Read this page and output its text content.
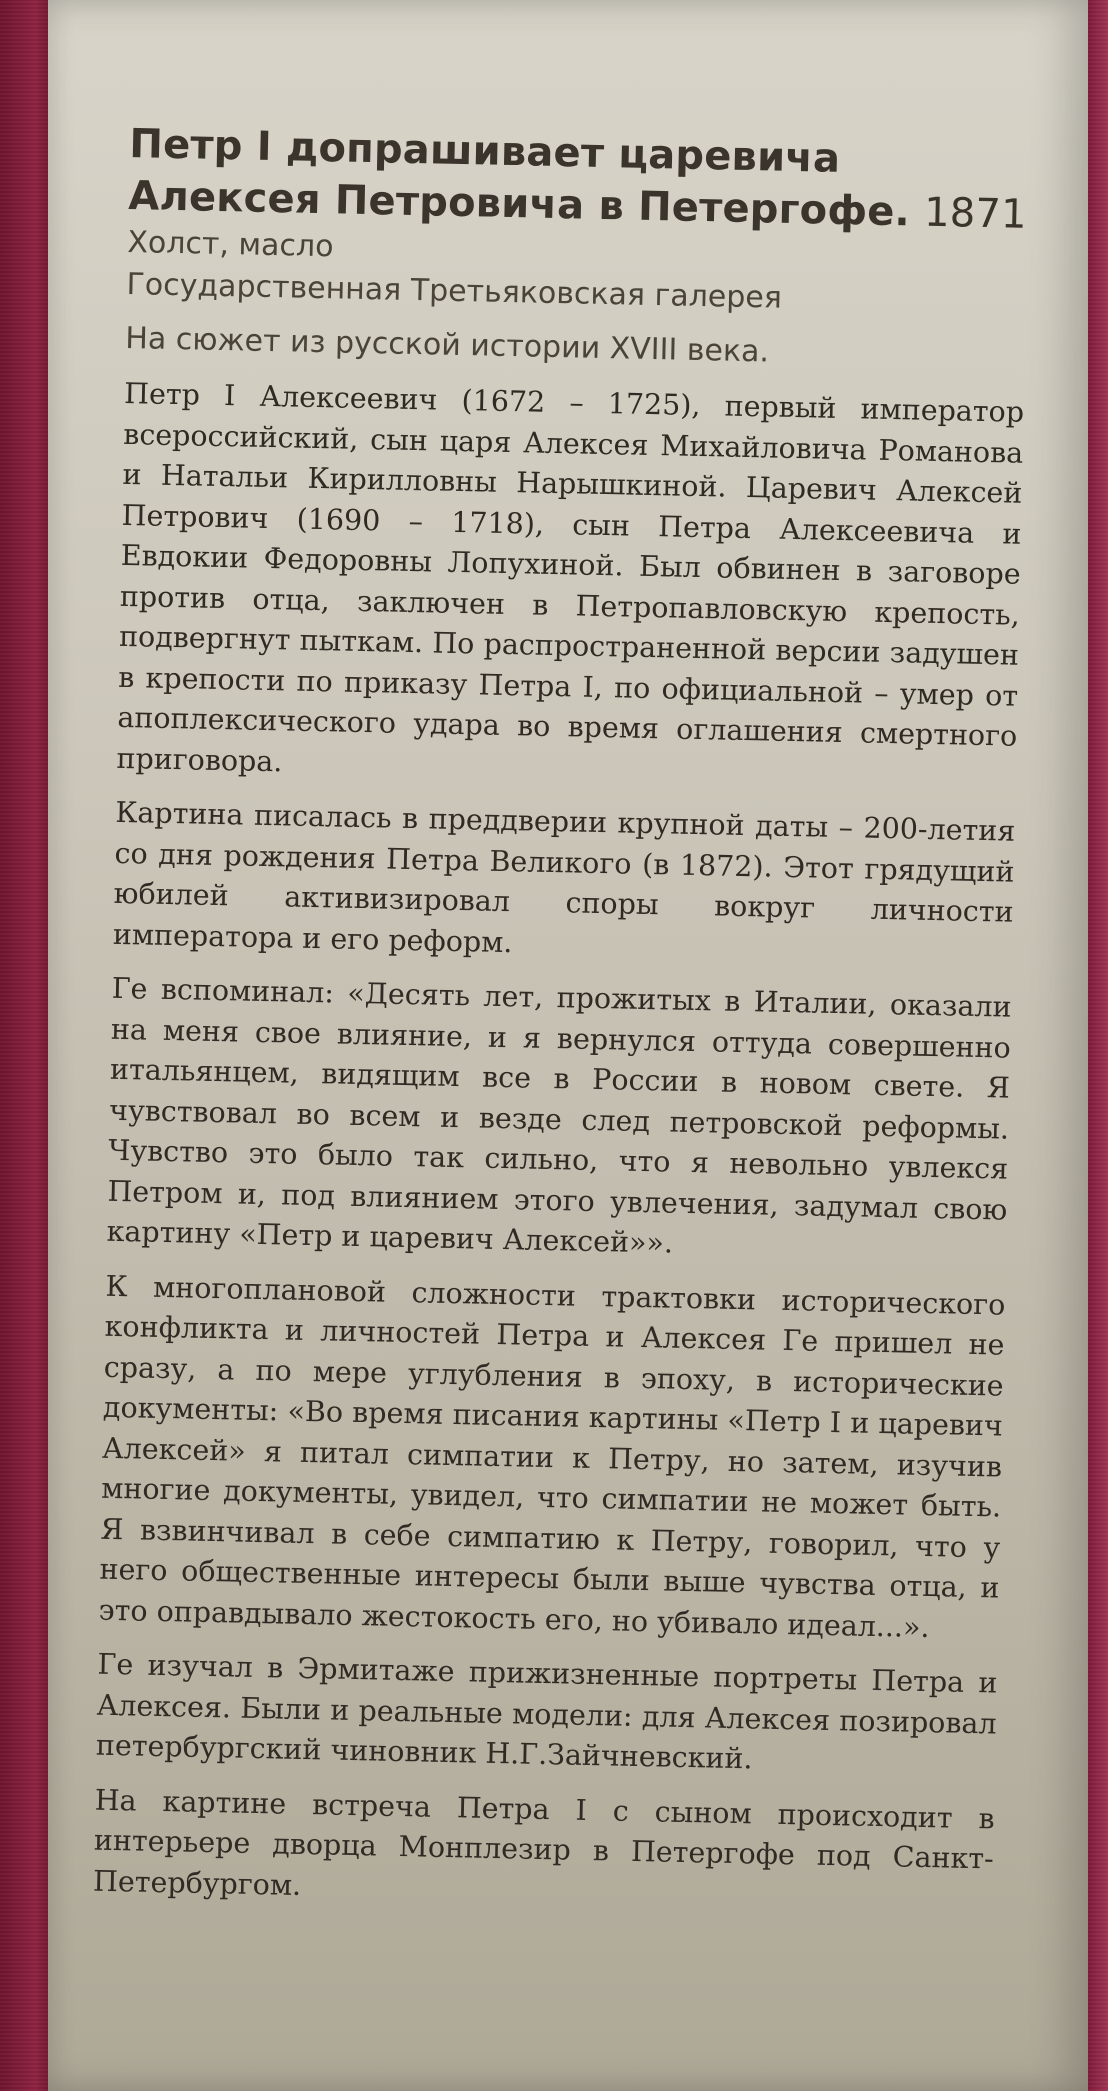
Петр I допрашивает царевича
Алексея Петровича в Петергофе. 1871

Холст, масло

Государственная Третьяковская галерея

На сюжет из русской истории XVIII века.

Петр I Алексеевич (1672 – 1725), первый император всероссийский, сын царя Алексея Михайловича Романова и Натальи Кирилловны Нарышкиной. Царевич Алексей Петрович (1690 – 1718), сын Петра Алексеевича и Евдокии Федоровны Лопухиной. Был обвинен в заговоре против отца, заключен в Петропавловскую крепость, подвергнут пыткам. По распространенной версии задушен в крепости по приказу Петра I, по официальной – умер от апоплексического удара во время оглашения смертного приговора.

Картина писалась в преддверии крупной даты – 200-летия со дня рождения Петра Великого (в 1872). Этот грядущий юбилей активизировал споры вокруг личности императора и его реформ.

Ге вспоминал: «Десять лет, прожитых в Италии, оказали на меня свое влияние, и я вернулся оттуда совершенно итальянцем, видящим все в России в новом свете. Я чувствовал во всем и везде след петровской реформы. Чувство это было так сильно, что я невольно увлекся Петром и, под влиянием этого увлечения, задумал свою картину «Петр и царевич Алексей»».

К многоплановой сложности трактовки исторического конфликта и личностей Петра и Алексея Ге пришел не сразу, а по мере углубления в эпоху, в исторические документы: «Во время писания картины «Петр I и царевич Алексей» я питал симпатии к Петру, но затем, изучив многие документы, увидел, что симпатии не может быть. Я взвинчивал в себе симпатию к Петру, говорил, что у него общественные интересы были выше чувства отца, и это оправдывало жестокость его, но убивало идеал...».

Ге изучал в Эрмитаже прижизненные портреты Петра и Алексея. Были и реальные модели: для Алексея позировал петербургский чиновник Н.Г.Зайчневский.

На картине встреча Петра I с сыном происходит в интерьере дворца Монплезир в Петергофе под Санкт-Петербургом.
